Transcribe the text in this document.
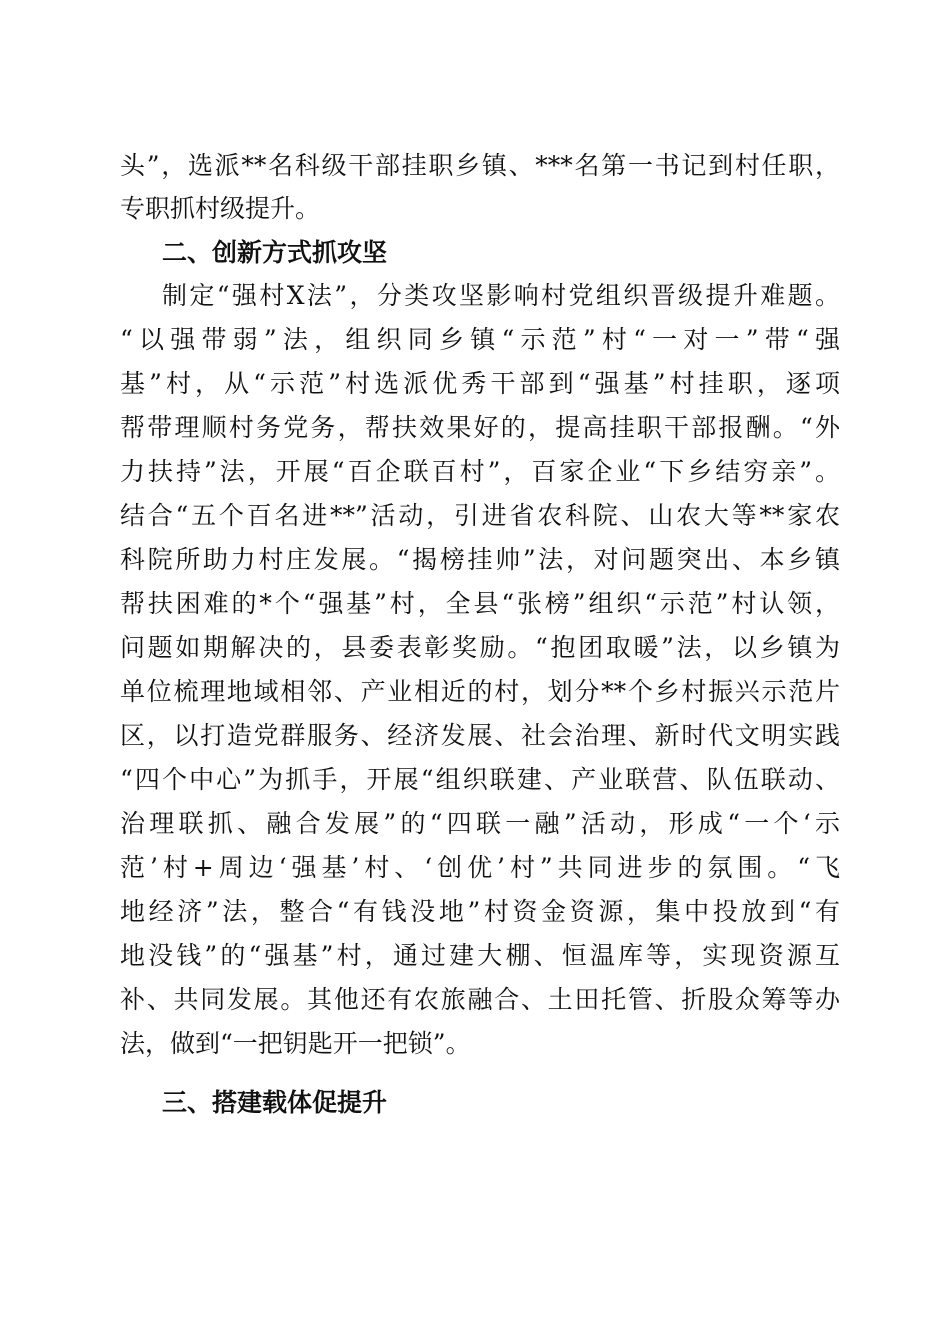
头”，选派**名科级干部挂职乡镇、***名第一书记到村任职，
专职抓村级提升。
二、创新方式抓攻坚
制定“强村X法”，分类攻坚影响村党组织晋级提升难题。
“以强带弱”法，组织同乡镇“示范”村“一对一”带“强
基”村，从“示范”村选派优秀干部到“强基”村挂职，逐项
帮带理顺村务党务，帮扶效果好的，提高挂职干部报酬。“外
力扶持”法，开展“百企联百村”，百家企业“下乡结穷亲”。
结合“五个百名进**”活动，引进省农科院、山农大等**家农
科院所助力村庄发展。“揭榜挂帅”法，对问题突出、本乡镇
帮扶困难的*个“强基”村，全县“张榜”组织“示范”村认领，
问题如期解决的，县委表彰奖励。“抱团取暖”法，以乡镇为
单位梳理地域相邻、产业相近的村，划分**个乡村振兴示范片
区，以打造党群服务、经济发展、社会治理、新时代文明实践
“四个中心”为抓手，开展“组织联建、产业联营、队伍联动、
治理联抓、融合发展”的“四联一融”活动，形成“一个‘示
范’村+周边‘强基’村、‘创优’村”共同进步的氛围。“飞
地经济”法，整合“有钱没地”村资金资源，集中投放到“有
地没钱”的“强基”村，通过建大棚、恒温库等，实现资源互
补、共同发展。其他还有农旅融合、土田托管、折股众筹等办
法，做到“一把钥匙开一把锁”。
三、搭建载体促提升
